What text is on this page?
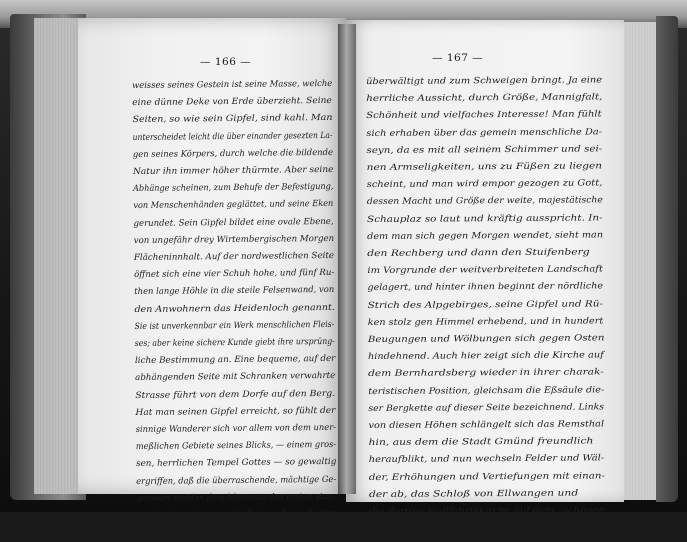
— 166 —	— 167 —
weisses seines Gestein ist seine Masse, welche
eine dünne Deke von Erde überzieht. Seine
Seiten, so wie sein Gipfel, sind kahl. Man
unterscheidet leicht die über einander gesezten La-
gen seines Körpers, durch welche die bildende
Natur ihn immer höher thürmte. Aber seine
Abhänge scheinen, zum Behufe der Befestigung,
von Menschenhänden geglättet, und seine Eken
gerundet. Sein Gipfel bildet eine ovale Ebene,
von ungefähr drey Wirtembergischen Morgen
Flächeninnhalt. Auf der nordwestlichen Seite
öffnet sich eine vier Schuh hohe, und fünf Ru-
then lange Höhle in die steile Felsenwand, von
den Anwohnern das Heidenloch genannt.
Sie ist unverkennbar ein Werk menschlichen Fleis-
ses; aber keine sichere Kunde giebt ihre ursprüng-
liche Bestimmung an. Eine bequeme, auf der
abhängenden Seite mit Schranken verwahrte
Strasse führt von dem Dorfe auf den Berg.
Hat man seinen Gipfel erreicht, so fühlt der
sinnige Wanderer sich vor allem von dem uner-
meßlichen Gebiete seines Blicks, — einem gros-
sen, herrlichen Tempel Gottes — so gewaltig
ergriffen, daß die überraschende, mächtige Ge-
genwart wohl in dem Momente des ersten stau-
nenden Anschauens, die Sehnsucht nach dem
antiken Leben, die hier ihre Genüge finden wollte,
überwältigt und zum Schweigen bringt. Ja eine
herrliche Aussicht, durch Größe, Mannigfalt,
Schönheit und vielfaches Interesse! Man fühlt
sich erhaben über das gemein menschliche Da-
seyn, da es mit all seinem Schimmer und sei-
nen Armseligkeiten, uns zu Füßen zu liegen
scheint, und man wird empor gezogen zu Gott,
dessen Macht und Größe der weite, majestätische
Schauplaz so laut und kräftig ausspricht. In-
dem man sich gegen Morgen wendet, sieht man
den Rechberg und dann den Stuifenberg
im Vorgrunde der weitverbreiteten Landschaft
gelagert, und hinter ihnen beginnt der nördliche
Strich des Alpgebirges, seine Gipfel und Rü-
ken stolz gen Himmel erhebend, und in hundert
Beugungen und Wölbungen sich gegen Osten
hindehnend. Auch hier zeigt sich die Kirche auf
dem Bernhardsberg wieder in ihrer charak-
teristischen Position, gleichsam die Eßsäule die-
ser Bergkette auf dieser Seite bezeichnend. Links
von diesen Höhen schlängelt sich das Remsthal
hin, aus dem die Stadt Gmünd freundlich
heraufblikt, und nun wechseln Felder und Wäl-
der, Erhöhungen und Vertiefungen mit einan-
der ab, das Schloß von Ellwangen und
die dortige Wallfahrtskirche auf dem „schönen
Berge“ erheben sich feyerlich in dem waldigen
